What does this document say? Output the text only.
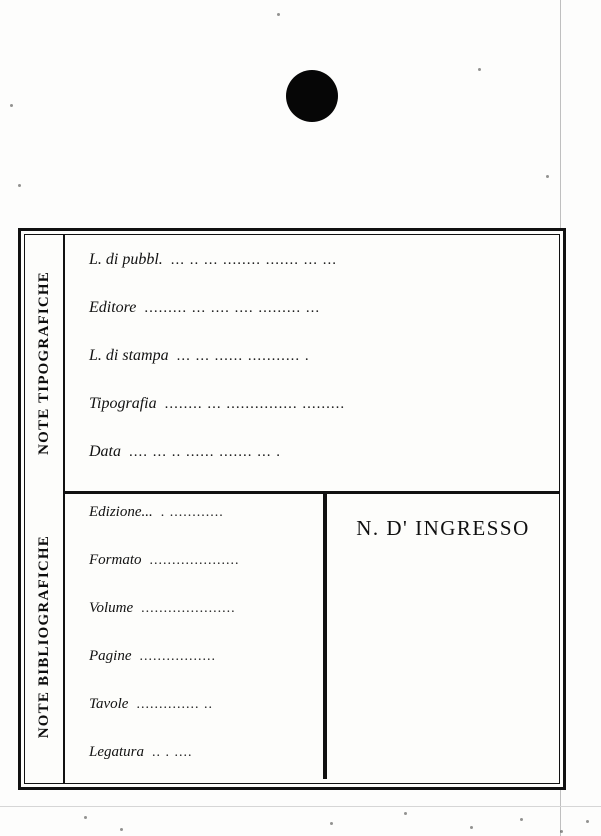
NOTE TIPOGRAFICHE
L. di pubbl. ... .. ... ........ ....... ... ...
Editore ......... ... .... .... ......... ...
L. di stampa ... ... ...... ........... .
Tipografia ........ ... ............... .........
Data .... ... .. ...... ....... ... .
NOTE BIBLIOGRAFICHE
Edizione... . ............
Formato ....................
Volume .....................
Pagine .................
Tavole .............. ..
Legatura .. . ....
N. D' INGRESSO
